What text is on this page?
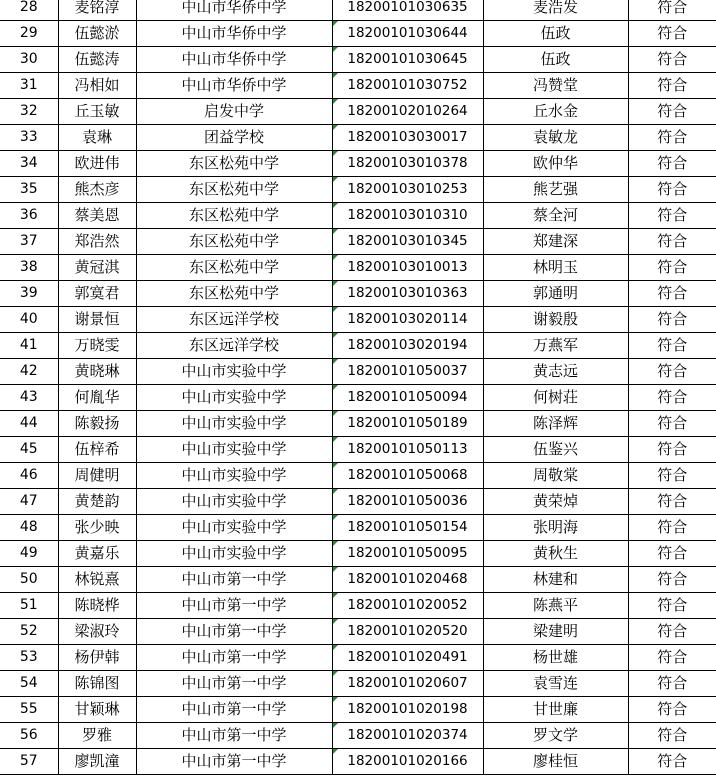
28	麦铭淳	中山市华侨中学	18200101030635	麦浩发	符合
29	伍懿淤	中山市华侨中学	18200101030644	伍政	符合
30	伍懿涛	中山市华侨中学	18200101030645	伍政	符合
31	冯相如	中山市华侨中学	18200101030752	冯赞堂	符合
32	丘玉敏	启发中学	18200102010264	丘水金	符合
33	袁琳	团益学校	18200103030017	袁敏龙	符合
34	欧进伟	东区松苑中学	18200103010378	欧仲华	符合
35	熊杰彦	东区松苑中学	18200103010253	熊艺强	符合
36	蔡美恩	东区松苑中学	18200103010310	蔡全河	符合
37	郑浩然	东区松苑中学	18200103010345	郑建深	符合
38	黄冠淇	东区松苑中学	18200103010013	林明玉	符合
39	郭寞君	东区松苑中学	18200103010363	郭通明	符合
40	谢景恒	东区远洋学校	18200103020114	谢毅殷	符合
41	万晓雯	东区远洋学校	18200103020194	万燕军	符合
42	黄晓琳	中山市实验中学	18200101050037	黄志远	符合
43	何胤华	中山市实验中学	18200101050094	何树荘	符合
44	陈毅扬	中山市实验中学	18200101050189	陈泽辉	符合
45	伍梓希	中山市实验中学	18200101050113	伍鉴兴	符合
46	周健明	中山市实验中学	18200101050068	周敬棠	符合
47	黄楚韵	中山市实验中学	18200101050036	黄荣焯	符合
48	张少映	中山市实验中学	18200101050154	张明海	符合
49	黄嘉乐	中山市实验中学	18200101050095	黄秋生	符合
50	林锐熹	中山市第一中学	18200101020468	林建和	符合
51	陈晓桦	中山市第一中学	18200101020052	陈燕平	符合
52	梁淑玲	中山市第一中学	18200101020520	梁建明	符合
53	杨伊韩	中山市第一中学	18200101020491	杨世雄	符合
54	陈锦图	中山市第一中学	18200101020607	袁雪连	符合
55	甘颖琳	中山市第一中学	18200101020198	甘世廉	符合
56	罗雅	中山市第一中学	18200101020374	罗文学	符合
57	廖凯潼	中山市第一中学	18200101020166	廖桂恒	符合
